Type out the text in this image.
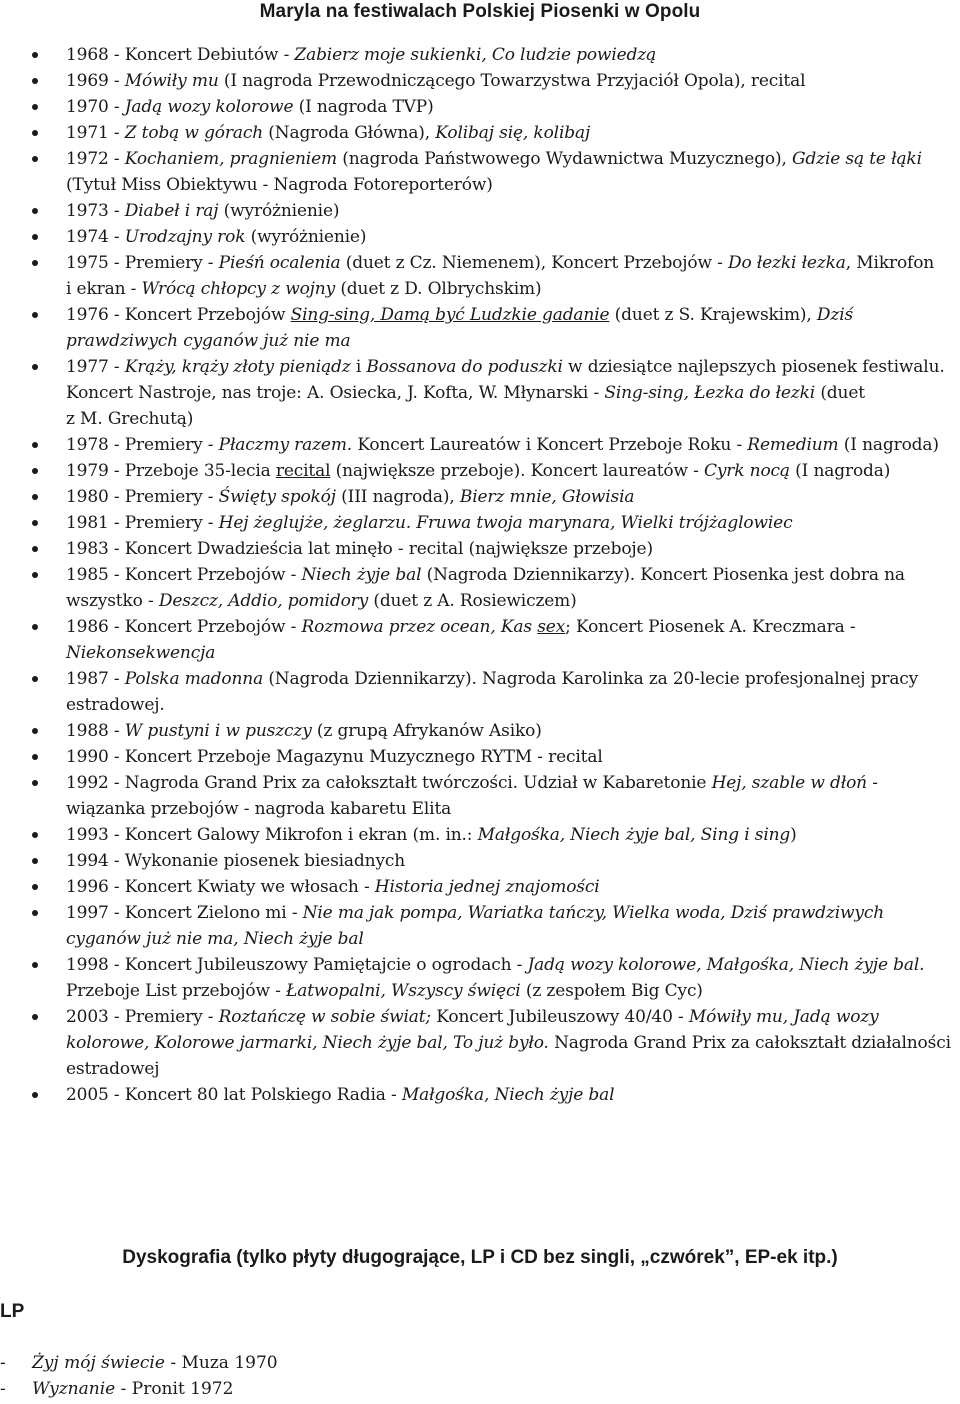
Maryla na festiwalach Polskiej Piosenki w Opolu
1968 - Koncert Debiutów - Zabierz moje sukienki, Co ludzie powiedzą
1969 - Mówiły mu (I nagroda Przewodniczącego Towarzystwa Przyjaciół Opola), recital
1970 - Jadą wozy kolorowe (I nagroda TVP)
1971 - Z tobą w górach (Nagroda Główna), Kolibaj się, kolibaj
1972 - Kochaniem, pragnieniem (nagroda Państwowego Wydawnictwa Muzycznego), Gdzie są te łąki (Tytuł Miss Obiektywu - Nagroda Fotoreporterów)
1973 - Diabeł i raj (wyróżnienie)
1974 - Urodzajny rok (wyróżnienie)
1975 - Premiery - Pieśń ocalenia (duet z Cz. Niemenem), Koncert Przebojów - Do łezki łezka, Mikrofon
i ekran - Wrócą chłopcy z wojny (duet z D. Olbrychskim)
1976 - Koncert Przebojów Sing-sing, Damą być Ludzkie gadanie (duet z S. Krajewskim), Dziś prawdziwych cyganów już nie ma
1977 - Krąży, krąży złoty pieniądz i Bossanova do poduszki w dziesiątce najlepszych piosenek festiwalu. Koncert Nastroje, nas troje: A. Osiecka, J. Kofta, W. Młynarski - Sing-sing, Łezka do łezki (duet
z M. Grechutą)
1978 - Premiery - Płaczmy razem. Koncert Laureatów i Koncert Przeboje Roku - Remedium (I nagroda)
1979 - Przeboje 35-lecia recital (największe przeboje). Koncert laureatów - Cyrk nocą (I nagroda)
1980 - Premiery - Święty spokój (III nagroda), Bierz mnie, Głowisia
1981 - Premiery - Hej żeglujże, żeglarzu. Fruwa twoja marynara, Wielki trójżaglowiec
1983 - Koncert Dwadzieścia lat minęło - recital (największe przeboje)
1985 - Koncert Przebojów - Niech żyje bal (Nagroda Dziennikarzy). Koncert Piosenka jest dobra na wszystko - Deszcz, Addio, pomidory (duet z A. Rosiewiczem)
1986 - Koncert Przebojów - Rozmowa przez ocean, Kas sex; Koncert Piosenek A. Kreczmara - Niekonsekwencja
1987 - Polska madonna (Nagroda Dziennikarzy). Nagroda Karolinka za 20-lecie profesjonalnej pracy estradowej.
1988 - W pustyni i w puszczy (z grupą Afrykanów Asiko)
1990 - Koncert Przeboje Magazynu Muzycznego RYTM - recital
1992 - Nagroda Grand Prix za całokształt twórczości. Udział w Kabaretonie Hej, szable w dłoń - wiązanka przebojów - nagroda kabaretu Elita
1993 - Koncert Galowy Mikrofon i ekran (m. in.: Małgośka, Niech żyje bal, Sing i sing)
1994 - Wykonanie piosenek biesiadnych
1996 - Koncert Kwiaty we włosach - Historia jednej znajomości
1997 - Koncert Zielono mi - Nie ma jak pompa, Wariatka tańczy, Wielka woda, Dziś prawdziwych cyganów już nie ma, Niech żyje bal
1998 - Koncert Jubileuszowy Pamiętajcie o ogrodach - Jadą wozy kolorowe, Małgośka, Niech żyje bal. Przeboje List przebojów - Łatwopalni, Wszyscy święci (z zespołem Big Cyc)
2003 - Premiery - Roztańczę w sobie świat; Koncert Jubileuszowy 40/40 - Mówiły mu, Jadą wozy kolorowe, Kolorowe jarmarki, Niech żyje bal, To już było. Nagroda Grand Prix za całokształt działalności estradowej
2005 - Koncert 80 lat Polskiego Radia - Małgośka, Niech żyje bal
Dyskografia (tylko płyty długogrające, LP i CD bez singli, „czwórek”, EP-ek itp.)
LP
- Żyj mój świecie - Muza 1970
- Wyznanie - Pronit 1972
